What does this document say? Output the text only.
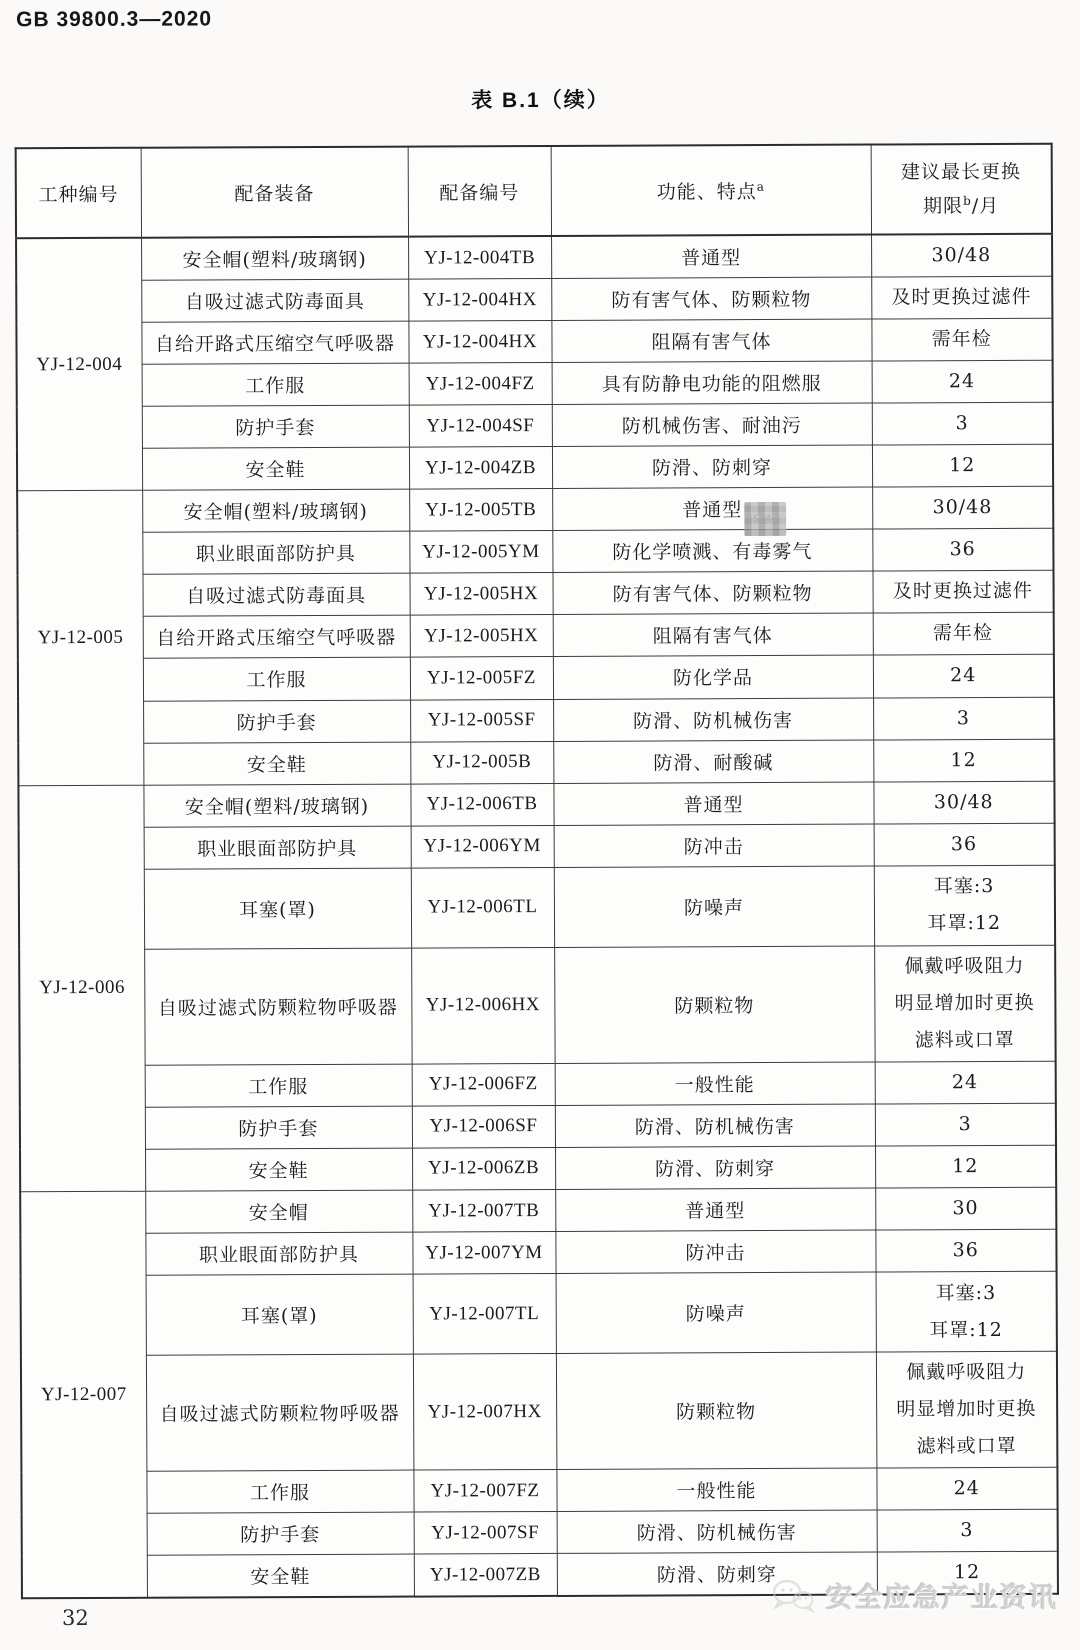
GB 39800.3—2020
表 B.1（续）
工种编号	配备装备	配备编号	功能、特点$^a$	建议最长更换
期限$^b$/月

YJ-12-004	安全帽(塑料/玻璃钢)	YJ-12-004TB	普通型	30/48
	自吸过滤式防毒面具	YJ-12-004HX	防有害气体、防颗粒物	及时更换过滤件
	自给开路式压缩空气呼吸器	YJ-12-004HX	阻隔有害气体	需年检
	工作服	YJ-12-004FZ	具有防静电功能的阻燃服	24
	防护手套	YJ-12-004SF	防机械伤害、耐油污	3
	安全鞋	YJ-12-004ZB	防滑、防刺穿	12
YJ-12-005	安全帽(塑料/玻璃钢)	YJ-12-005TB	普通型	30/48
	职业眼面部防护具	YJ-12-005YM	防化学喷溅、有毒雾气	36
	自吸过滤式防毒面具	YJ-12-005HX	防有害气体、防颗粒物	及时更换过滤件
	自给开路式压缩空气呼吸器	YJ-12-005HX	阻隔有害气体	需年检
	工作服	YJ-12-005FZ	防化学品	24
	防护手套	YJ-12-005SF	防滑、防机械伤害	3
	安全鞋	YJ-12-005B	防滑、耐酸碱	12
YJ-12-006	安全帽(塑料/玻璃钢)	YJ-12-006TB	普通型	30/48
	职业眼面部防护具	YJ-12-006YM	防冲击	36
	耳塞(罩)	YJ-12-006TL	防噪声	耳塞:3
耳罩:12
	自吸过滤式防颗粒物呼吸器	YJ-12-006HX	防颗粒物	佩戴呼吸阻力
明显增加时更换
滤料或口罩
	工作服	YJ-12-006FZ	一般性能	24
	防护手套	YJ-12-006SF	防滑、防机械伤害	3
	安全鞋	YJ-12-006ZB	防滑、防刺穿	12
YJ-12-007	安全帽	YJ-12-007TB	普通型	30
	职业眼面部防护具	YJ-12-007YM	防冲击	36
	耳塞(罩)	YJ-12-007TL	防噪声	耳塞:3
耳罩:12
	自吸过滤式防颗粒物呼吸器	YJ-12-007HX	防颗粒物	佩戴呼吸阻力
明显增加时更换
滤料或口罩
	工作服	YJ-12-007FZ	一般性能	24
	防护手套	YJ-12-007SF	防滑、防机械伤害	3
	安全鞋	YJ-12-007ZB	防滑、防刺穿	12
SZ4C
32
安全应急产业资讯
